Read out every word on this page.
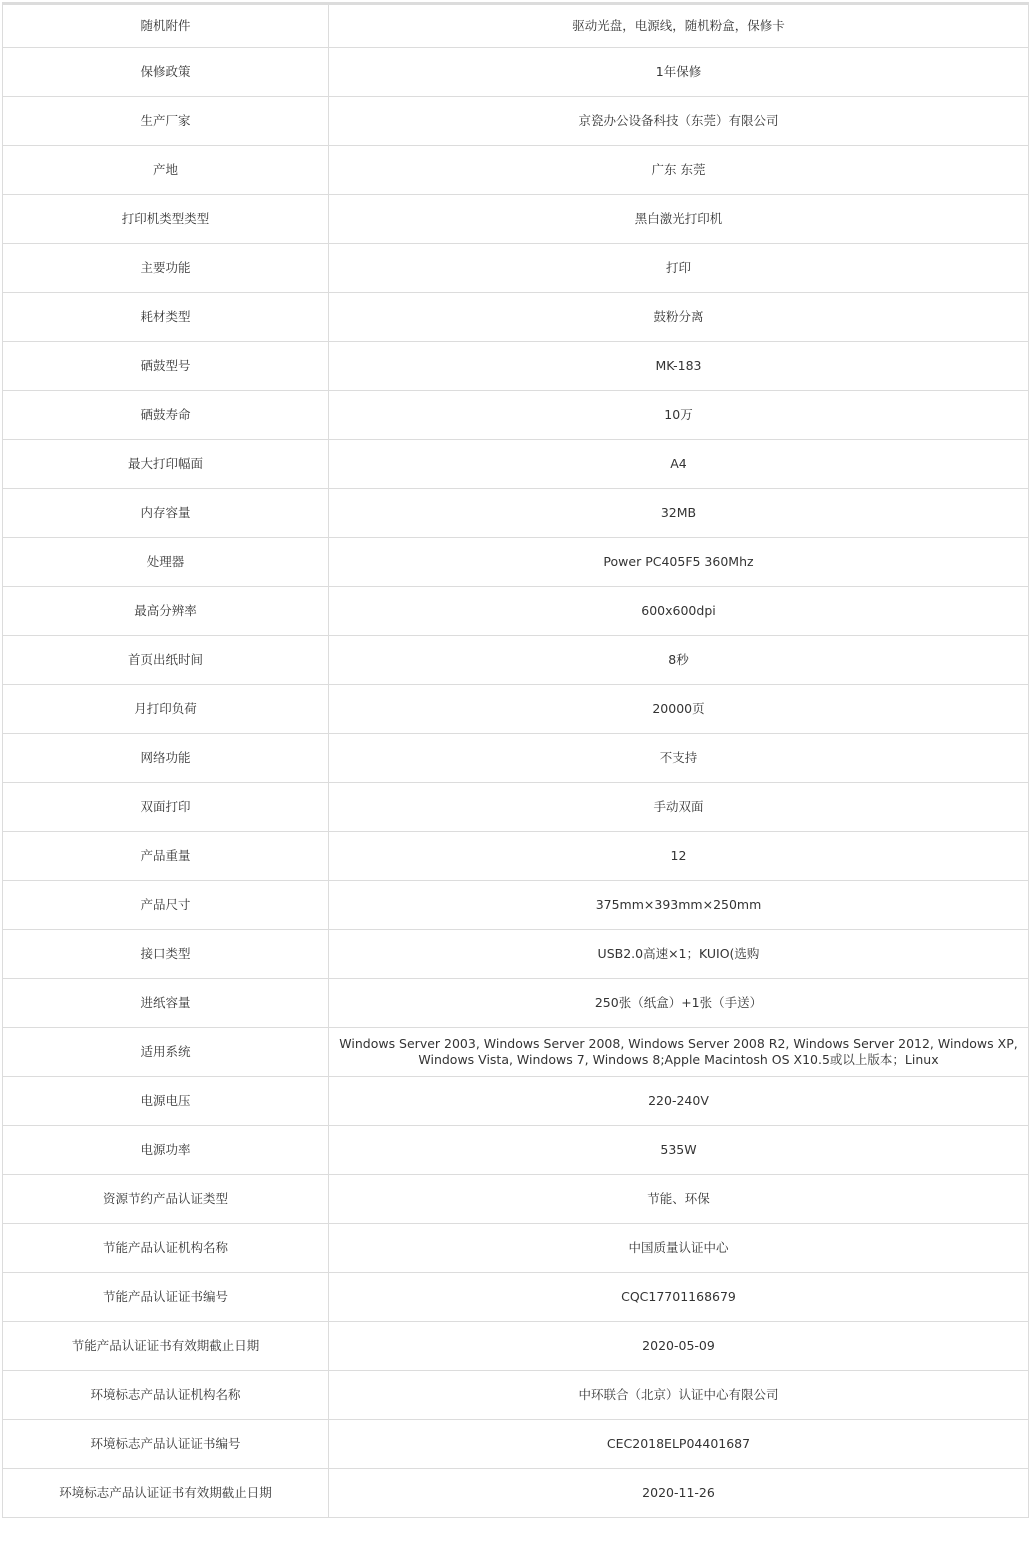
随机附件	驱动光盘，电源线，随机粉盒，保修卡
保修政策	1年保修
生产厂家	京瓷办公设备科技（东莞）有限公司
产地	广东 东莞
打印机类型类型	黑白激光打印机
主要功能	打印
耗材类型	鼓粉分离
硒鼓型号	MK-183
硒鼓寿命	10万
最大打印幅面	A4
内存容量	32MB
处理器	Power PC405F5 360Mhz
最高分辨率	600x600dpi
首页出纸时间	8秒
月打印负荷	20000页
网络功能	不支持
双面打印	手动双面
产品重量	12
产品尺寸	375mm×393mm×250mm
接口类型	USB2.0高速×1；KUIO(选购
进纸容量	250张（纸盒）+1张（手送）
适用系统	Windows Server 2003, Windows Server 2008, Windows Server 2008 R2, Windows Server 2012, Windows XP, Windows Vista, Windows 7, Windows 8;Apple Macintosh OS X10.5或以上版本；Linux
电源电压	220-240V
电源功率	535W
资源节约产品认证类型	节能、环保
节能产品认证机构名称	中国质量认证中心
节能产品认证证书编号	CQC17701168679
节能产品认证证书有效期截止日期	2020-05-09
环境标志产品认证机构名称	中环联合（北京）认证中心有限公司
环境标志产品认证证书编号	CEC2018ELP04401687
环境标志产品认证证书有效期截止日期	2020-11-26
